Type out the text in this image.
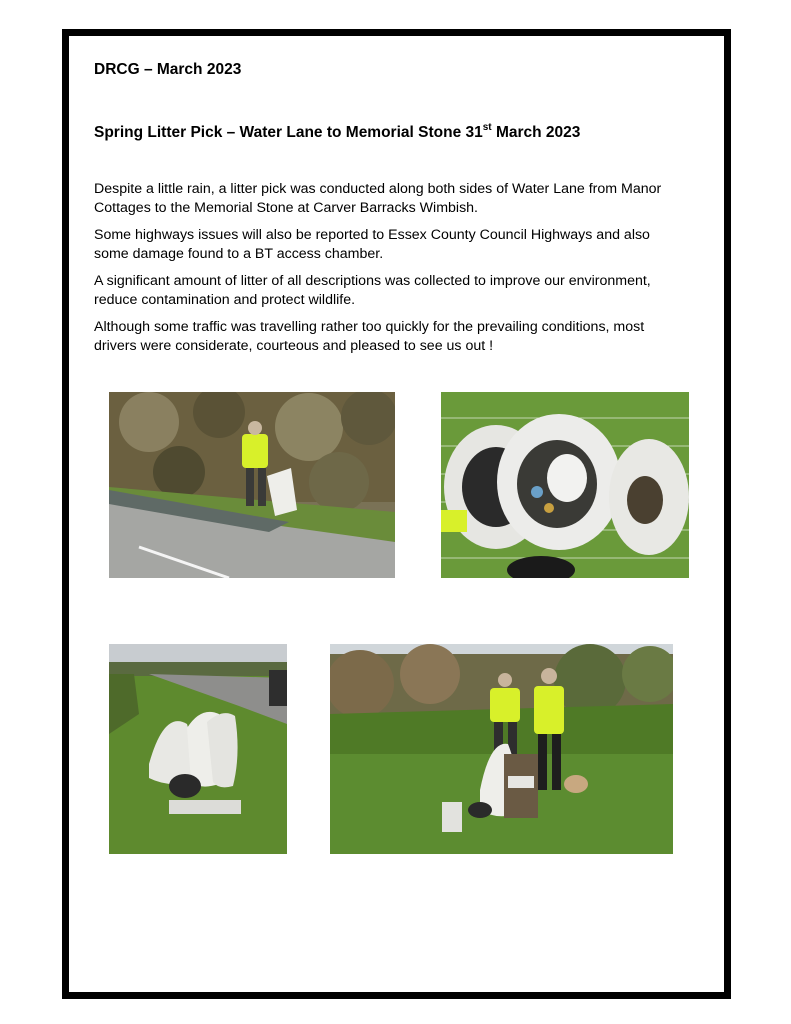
DRCG – March 2023

Spring Litter Pick – Water Lane to Memorial Stone 31st March 2023

Despite a little rain, a litter pick was conducted along both sides of Water Lane from Manor
Cottages to the Memorial Stone at Carver Barracks Wimbish.

Some highways issues will also be reported to Essex County Council Highways and also
some damage found to a BT access chamber.

A significant amount of litter of all descriptions was collected to improve our environment,
reduce contamination and protect wildlife.

Although some traffic was travelling rather too quickly for the prevailing conditions, most
drivers were considerate, courteous and pleased to see us out !
